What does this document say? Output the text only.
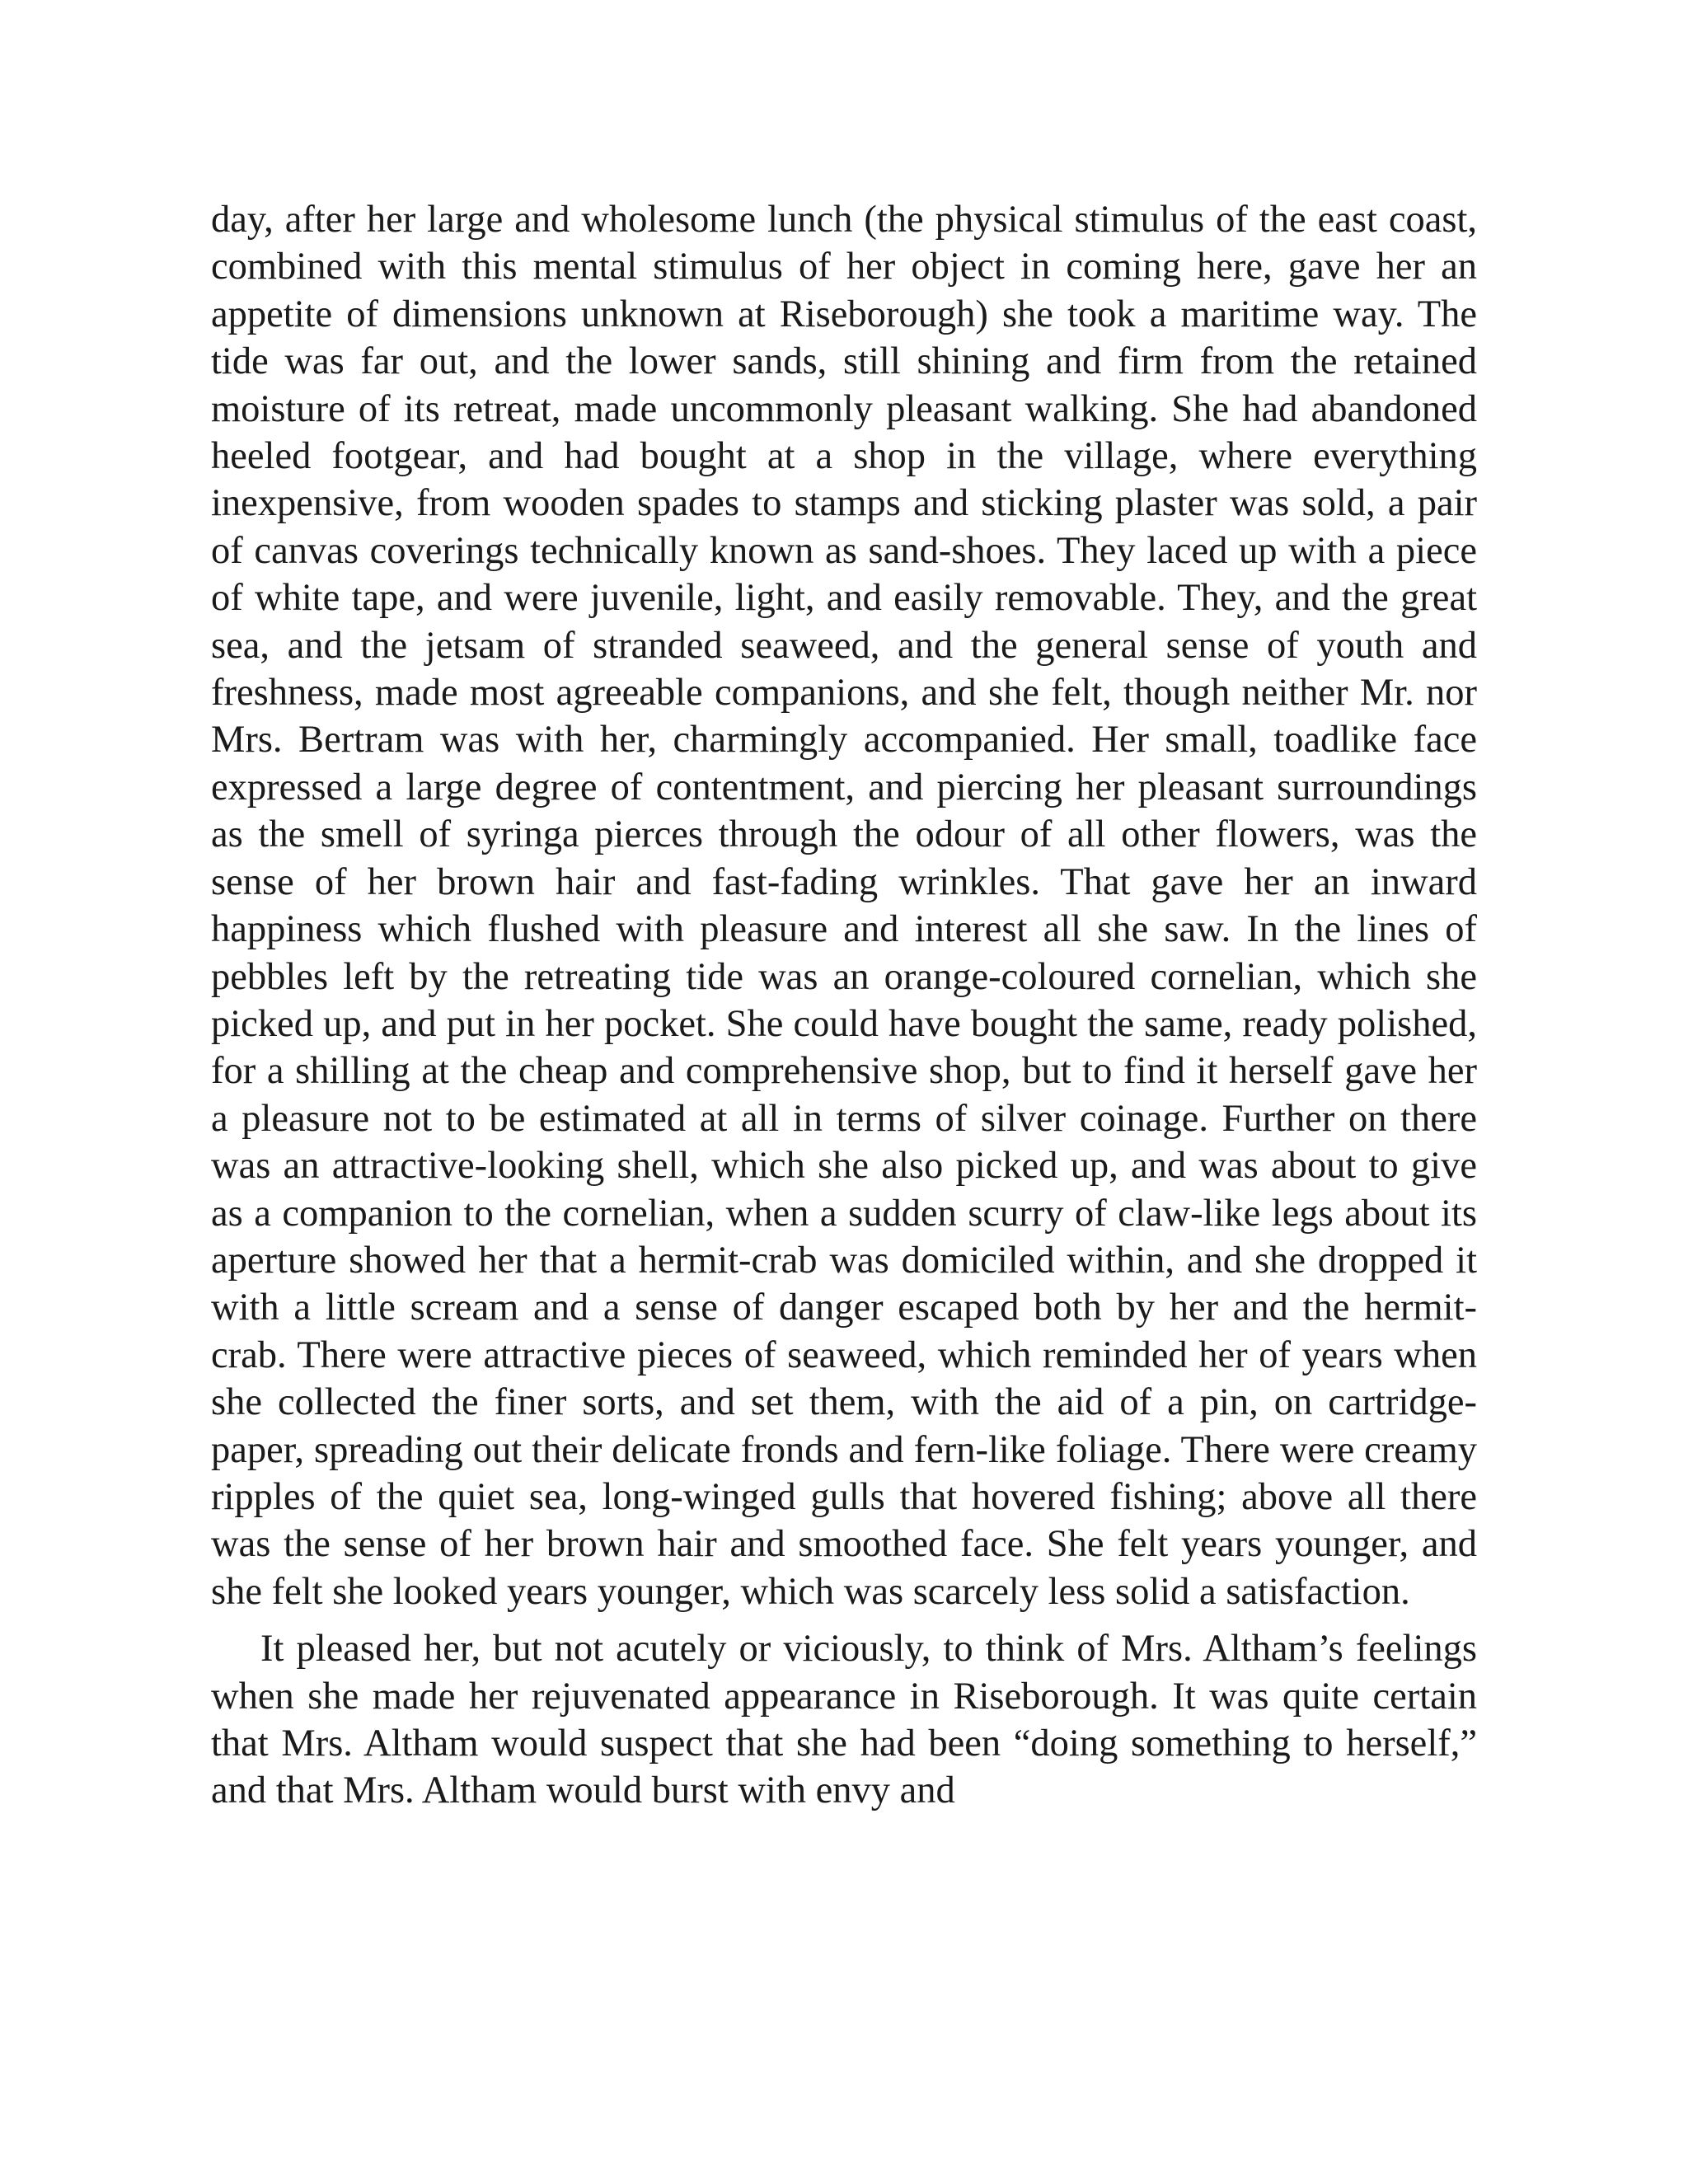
day, after her large and wholesome lunch (the physical stimulus of the east coast, combined with this mental stimulus of her object in coming here, gave her an appetite of dimensions unknown at Riseborough) she took a maritime way. The tide was far out, and the lower sands, still shining and firm from the retained moisture of its retreat, made uncommonly pleasant walking. She had abandoned heeled footgear, and had bought at a shop in the village, where everything inexpensive, from wooden spades to stamps and sticking plaster was sold, a pair of canvas coverings technically known as sand-shoes. They laced up with a piece of white tape, and were juvenile, light, and easily removable. They, and the great sea, and the jetsam of stranded seaweed, and the general sense of youth and freshness, made most agreeable companions, and she felt, though neither Mr. nor Mrs. Bertram was with her, charmingly accompanied. Her small, toadlike face expressed a large degree of contentment, and piercing her pleasant surroundings as the smell of syringa pierces through the odour of all other flowers, was the sense of her brown hair and fast-fading wrinkles. That gave her an inward happiness which flushed with pleasure and interest all she saw. In the lines of pebbles left by the retreating tide was an orange-coloured cornelian, which she picked up, and put in her pocket. She could have bought the same, ready polished, for a shilling at the cheap and comprehensive shop, but to find it herself gave her a pleasure not to be estimated at all in terms of silver coinage. Further on there was an attractive-looking shell, which she also picked up, and was about to give as a companion to the cornelian, when a sudden scurry of claw-like legs about its aperture showed her that a hermit-crab was domiciled within, and she dropped it with a little scream and a sense of danger escaped both by her and the hermit-crab. There were attractive pieces of seaweed, which reminded her of years when she collected the finer sorts, and set them, with the aid of a pin, on cartridge-paper, spreading out their delicate fronds and fern-like foliage. There were creamy ripples of the quiet sea, long-winged gulls that hovered fishing; above all there was the sense of her brown hair and smoothed face. She felt years younger, and she felt she looked years younger, which was scarcely less solid a satisfaction.

It pleased her, but not acutely or viciously, to think of Mrs. Altham’s feelings when she made her rejuvenated appearance in Riseborough. It was quite certain that Mrs. Altham would suspect that she had been “doing something to herself,” and that Mrs. Altham would burst with envy and
